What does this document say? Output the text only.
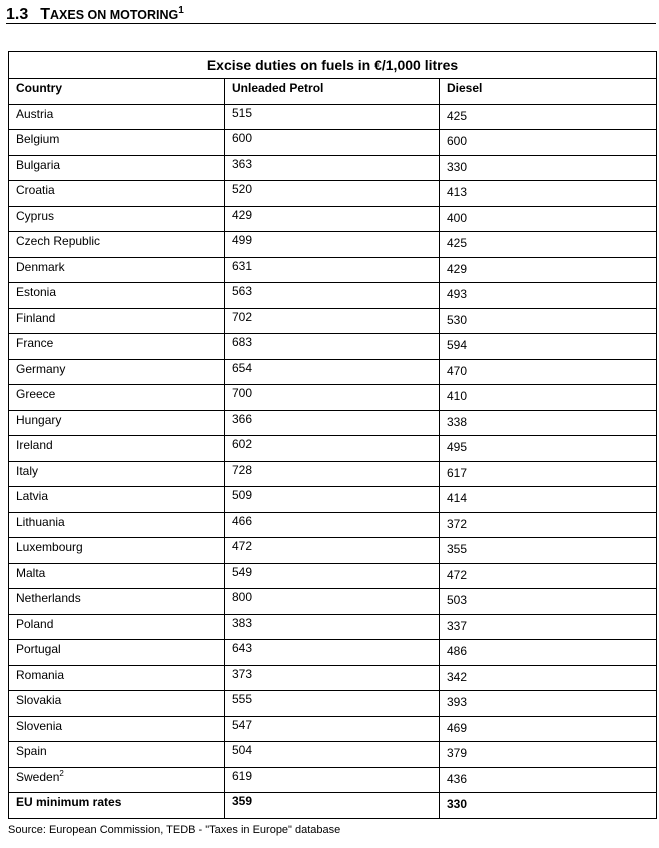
1.3 TAXES ON MOTORING$^1$
Excise duties on fuels in €/1,000 litres		
Country	Unleaded Petrol	Diesel
Austria	515	425
Belgium	600	600
Bulgaria	363	330
Croatia	520	413
Cyprus	429	400
Czech Republic	499	425
Denmark	631	429
Estonia	563	493
Finland	702	530
France	683	594
Germany	654	470
Greece	700	410
Hungary	366	338
Ireland	602	495
Italy	728	617
Latvia	509	414
Lithuania	466	372
Luxembourg	472	355
Malta	549	472
Netherlands	800	503
Poland	383	337
Portugal	643	486
Romania	373	342
Slovakia	555	393
Slovenia	547	469
Spain	504	379
Sweden$^2$	619	436
EU minimum rates	359	330
Source: European Commission, TEDB - "Taxes in Europe" database
